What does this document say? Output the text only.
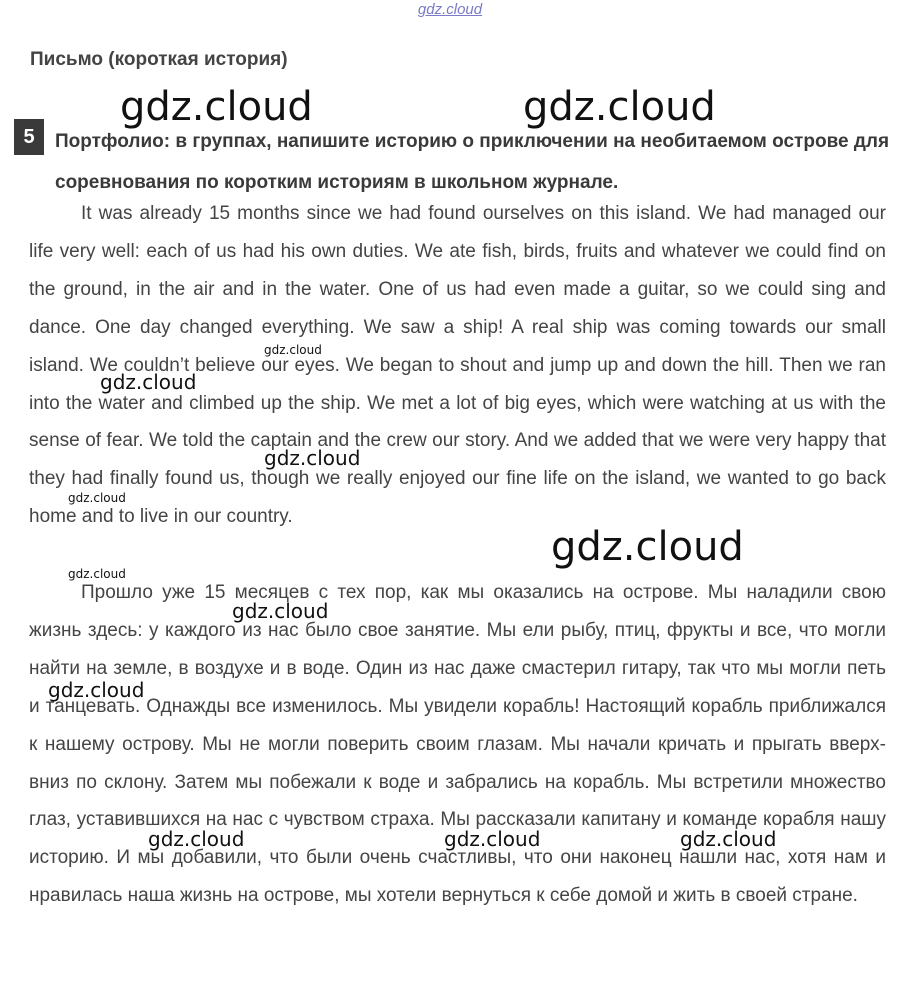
gdz.cloud
Письмо (короткая история)
5	Портфолио: в группах, напишите историю о приключении на необитаемом острове для соревнования по коротким историям в школьном журнале.

It was already 15 months since we had found ourselves on this island. We had managed our life very well: each of us had his own duties. We ate fish, birds, fruits and whatever we could find on the ground, in the air and in the water. One of us had even made a guitar, so we could sing and dance. One day changed everything. We saw a ship! A real ship was coming towards our small island. We couldn’t believe our eyes. We began to shout and jump up and down the hill. Then we ran into the water and climbed up the ship. We met a lot of big eyes, which were watching at us with the sense of fear. We told the captain and the crew our story. And we added that we were very happy that they had finally found us, though we really enjoyed our fine life on the island, we wanted to go back home and to live in our country.

Прошло уже 15 месяцев с тех пор, как мы оказались на острове. Мы наладили свою жизнь здесь: у каждого из нас было свое занятие. Мы ели рыбу, птиц, фрукты и все, что могли найти на земле, в воздухе и в воде. Один из нас даже смастерил гитару, так что мы могли петь и танцевать. Однажды все изменилось. Мы увидели корабль! Настоящий корабль приближался к нашему острову. Мы не могли поверить своим глазам. Мы начали кричать и прыгать вверх-вниз по склону. Затем мы побежали к воде и забрались на корабль. Мы встретили множество глаз, уставившихся на нас с чувством страха. Мы рассказали капитану и команде корабля нашу историю. И мы добавили, что были очень счастливы, что они наконец нашли нас, хотя нам и нравилась наша жизнь на острове, мы хотели вернуться к себе домой и жить в своей стране.

gdz.cloud	gdz.cloud
gdz.cloud
gdz.cloud
gdz.cloud
gdz.cloud
gdz.cloud
gdz.cloud
gdz.cloud
gdz.cloud
gdz.cloud	gdz.cloud	gdz.cloud
